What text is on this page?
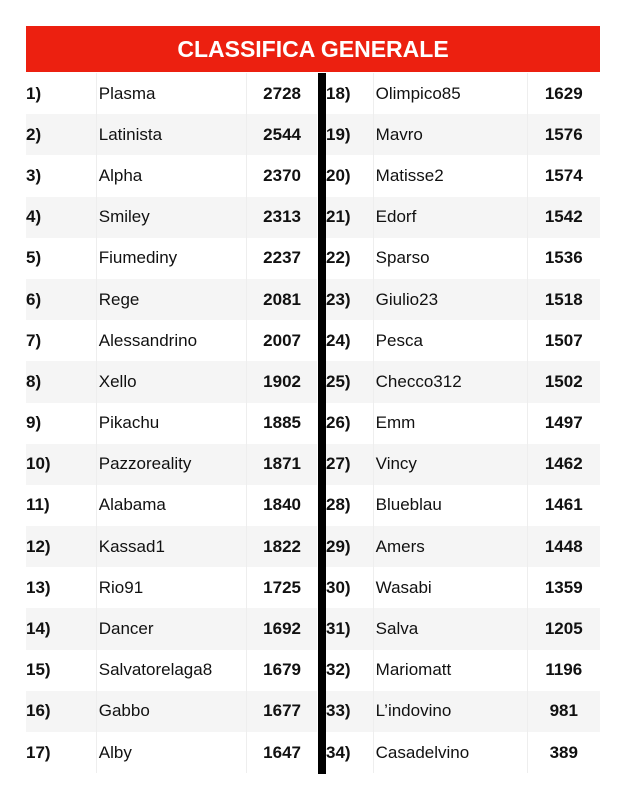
CLASSIFICA GENERALE
1)	Plasma	2728
2)	Latinista	2544
3)	Alpha	2370
4)	Smiley	2313
5)	Fiumediny	2237
6)	Rege	2081
7)	Alessandrino	2007
8)	Xello	1902
9)	Pikachu	1885
10)	Pazzoreality	1871
11)	Alabama	1840
12)	Kassad1	1822
13)	Rio91	1725
14)	Dancer	1692
15)	Salvatorelaga8	1679
16)	Gabbo	1677
17)	Alby	1647
18)	Olimpico85	1629
19)	Mavro	1576
20)	Matisse2	1574
21)	Edorf	1542
22)	Sparso	1536
23)	Giulio23	1518
24)	Pesca	1507
25)	Checco312	1502
26)	Emm	1497
27)	Vincy	1462
28)	Blueblau	1461
29)	Amers	1448
30)	Wasabi	1359
31)	Salva	1205
32)	Mariomatt	1196
33)	L’indovino	981
34)	Casadelvino	389
